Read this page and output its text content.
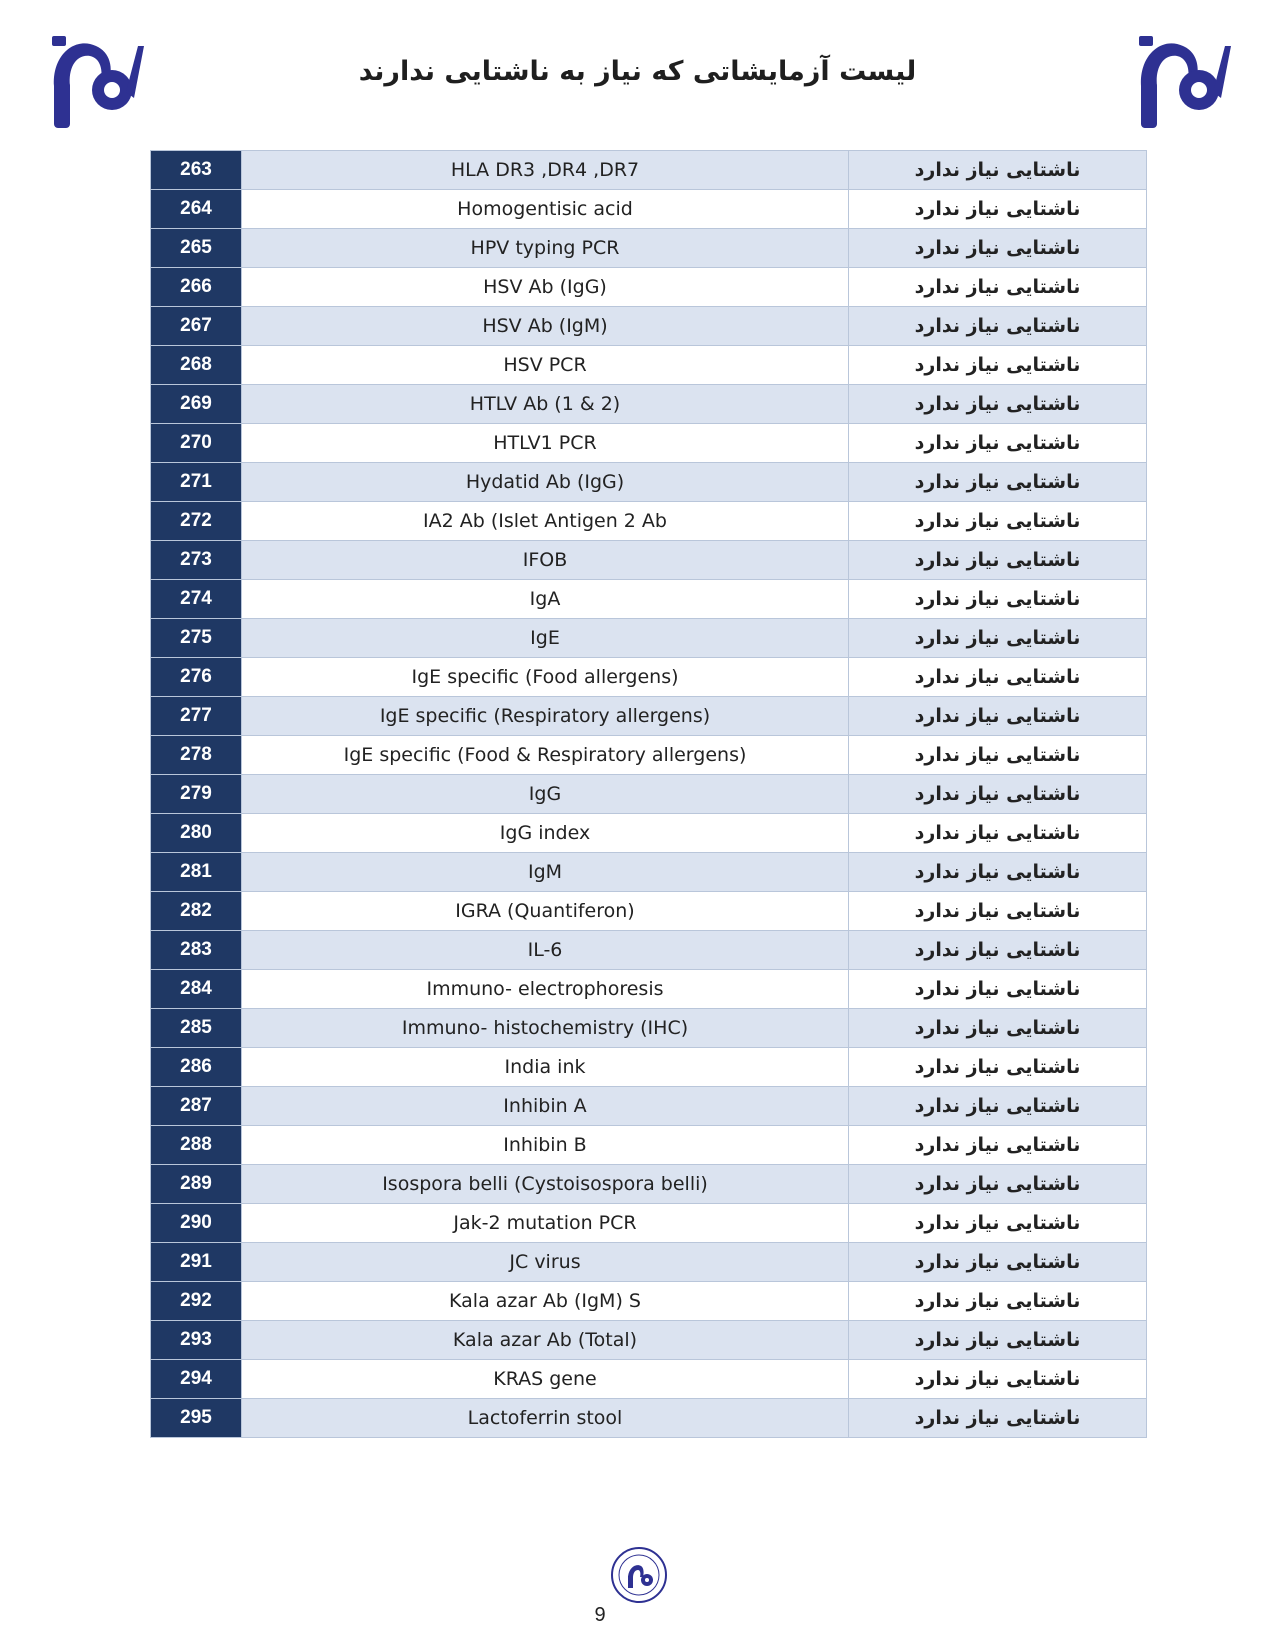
لیست آزمایشاتی که نیاز به ناشتایی ندارند
263	HLA DR3 ,DR4 ,DR7	ناشتایی نیاز ندارد
264	Homogentisic acid	ناشتایی نیاز ندارد
265	HPV typing PCR	ناشتایی نیاز ندارد
266	HSV Ab (IgG)	ناشتایی نیاز ندارد
267	HSV Ab (IgM)	ناشتایی نیاز ندارد
268	HSV PCR	ناشتایی نیاز ندارد
269	HTLV Ab (1 & 2)	ناشتایی نیاز ندارد
270	HTLV1 PCR	ناشتایی نیاز ندارد
271	Hydatid Ab (IgG)	ناشتایی نیاز ندارد
272	IA2 Ab (Islet Antigen 2 Ab	ناشتایی نیاز ندارد
273	IFOB	ناشتایی نیاز ندارد
274	IgA	ناشتایی نیاز ندارد
275	IgE	ناشتایی نیاز ندارد
276	IgE specific (Food allergens)	ناشتایی نیاز ندارد
277	IgE specific (Respiratory allergens)	ناشتایی نیاز ندارد
278	IgE specific (Food & Respiratory allergens)	ناشتایی نیاز ندارد
279	IgG	ناشتایی نیاز ندارد
280	IgG index	ناشتایی نیاز ندارد
281	IgM	ناشتایی نیاز ندارد
282	IGRA (Quantiferon)	ناشتایی نیاز ندارد
283	IL-6	ناشتایی نیاز ندارد
284	Immuno- electrophoresis	ناشتایی نیاز ندارد
285	Immuno- histochemistry (IHC)	ناشتایی نیاز ندارد
286	India ink	ناشتایی نیاز ندارد
287	Inhibin A	ناشتایی نیاز ندارد
288	Inhibin B	ناشتایی نیاز ندارد
289	Isospora belli (Cystoisospora belli)	ناشتایی نیاز ندارد
290	Jak-2 mutation PCR	ناشتایی نیاز ندارد
291	JC virus	ناشتایی نیاز ندارد
292	Kala azar Ab (IgM) S	ناشتایی نیاز ندارد
293	Kala azar Ab (Total)	ناشتایی نیاز ندارد
294	KRAS gene	ناشتایی نیاز ندارد
295	Lactoferrin stool	ناشتایی نیاز ندارد
9
